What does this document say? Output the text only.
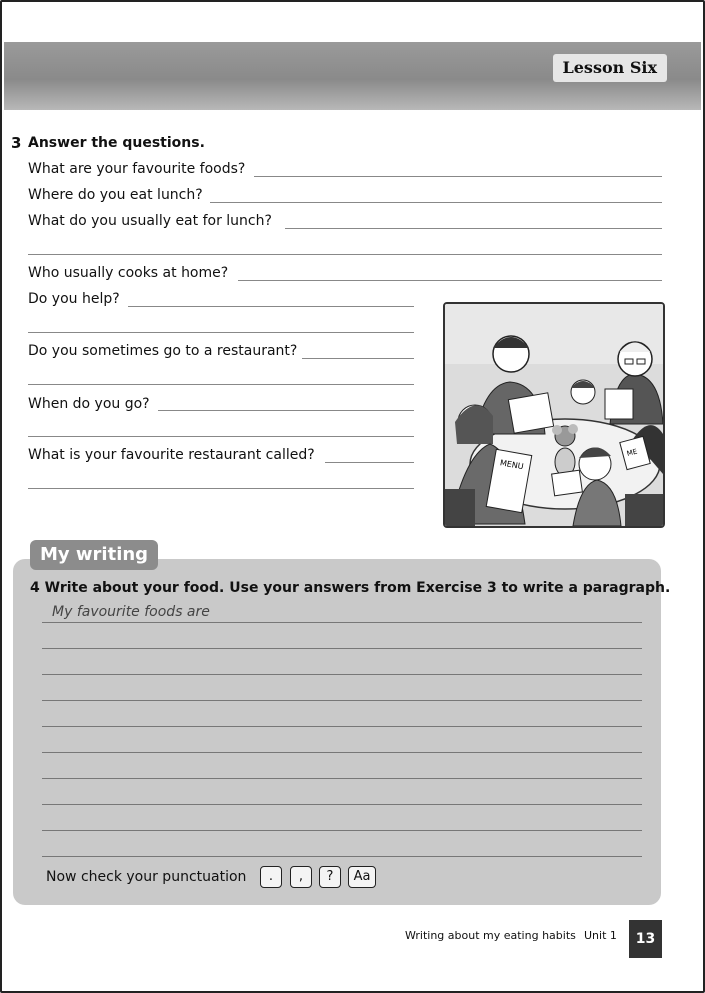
Lesson Six
3 Answer the questions.
What are your favourite foods?
Where do you eat lunch?
What do you usually eat for lunch?
Who usually cooks at home?
Do you help?
Do you sometimes go to a restaurant?
When do you go?
What is your favourite restaurant called?
MENU
ME
My writing
4 Write about your food. Use your answers from Exercise 3 to write a paragraph.
My favourite foods are
Now check your punctuation	.	,	?	Aa
Writing about my eating habits Unit 1	13
